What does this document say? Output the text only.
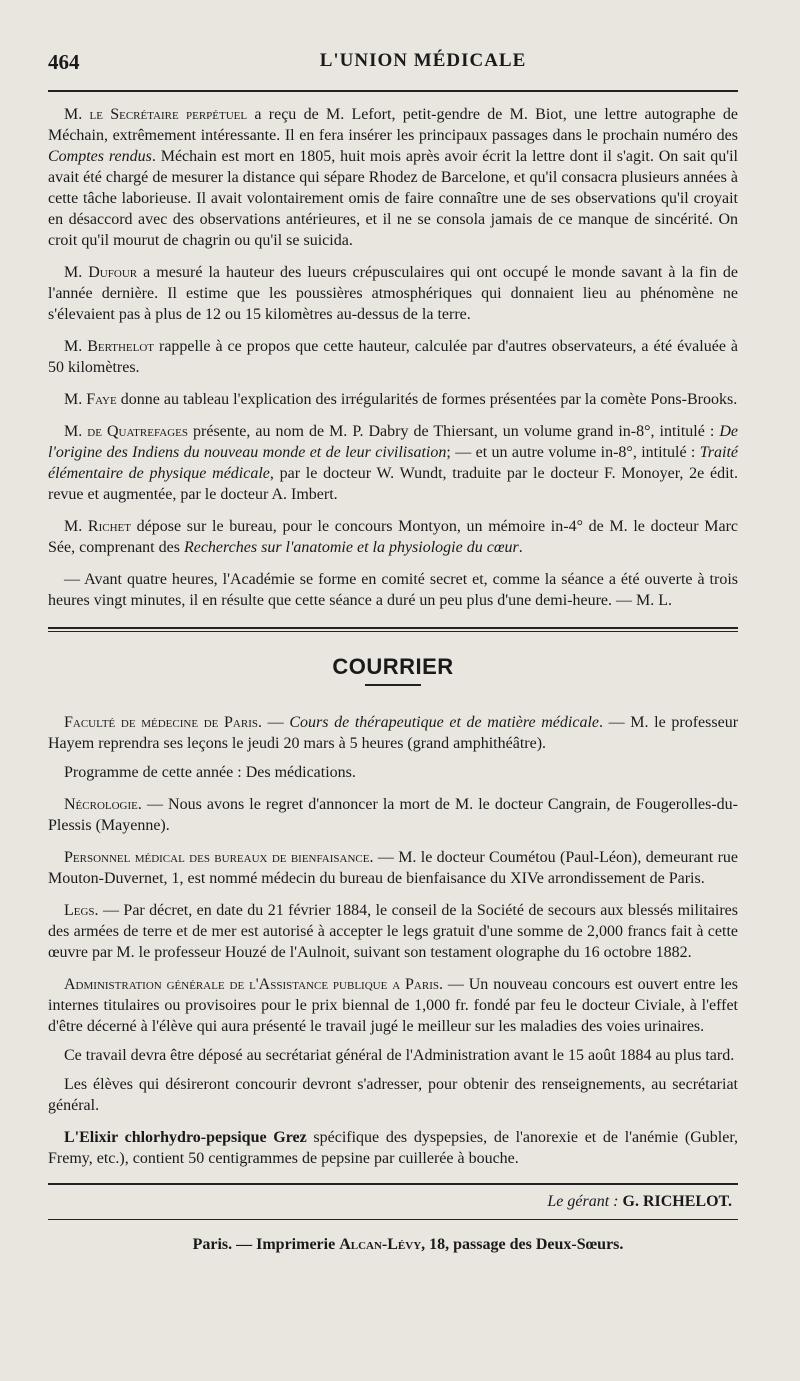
464	L'UNION MÉDICALE

M. le Secrétaire perpétuel a reçu de M. Lefort, petit-gendre de M. Biot, une lettre autographe de Méchain, extrêmement intéressante. Il en fera insérer les principaux passages dans le prochain numéro des Comptes rendus. Méchain est mort en 1805, huit mois après avoir écrit la lettre dont il s'agit. On sait qu'il avait été chargé de mesurer la distance qui sépare Rhodez de Barcelone, et qu'il consacra plusieurs années à cette tâche laborieuse. Il avait volontairement omis de faire connaître une de ses observations qu'il croyait en désaccord avec des observations antérieures, et il ne se consola jamais de ce manque de sincérité. On croit qu'il mourut de chagrin ou qu'il se suicida.

M. Dufour a mesuré la hauteur des lueurs crépusculaires qui ont occupé le monde savant à la fin de l'année dernière. Il estime que les poussières atmosphériques qui donnaient lieu au phénomène ne s'élevaient pas à plus de 12 ou 15 kilomètres au-dessus de la terre.

M. Berthelot rappelle à ce propos que cette hauteur, calculée par d'autres observateurs, a été évaluée à 50 kilomètres.

M. Faye donne au tableau l'explication des irrégularités de formes présentées par la comète Pons-Brooks.

M. de Quatrefages présente, au nom de M. P. Dabry de Thiersant, un volume grand in-8°, intitulé : De l'origine des Indiens du nouveau monde et de leur civilisation; — et un autre volume in-8°, intitulé : Traité élémentaire de physique médicale, par le docteur W. Wundt, traduite par le docteur F. Monoyer, 2e édit. revue et augmentée, par le docteur A. Imbert.

M. Richet dépose sur le bureau, pour le concours Montyon, un mémoire in-4° de M. le docteur Marc Sée, comprenant des Recherches sur l'anatomie et la physiologie du cœur.

— Avant quatre heures, l'Académie se forme en comité secret et, comme la séance a été ouverte à trois heures vingt minutes, il en résulte que cette séance a duré un peu plus d'une demi-heure. — M. L.

COURRIER

Faculté de médecine de Paris. — Cours de thérapeutique et de matière médicale. — M. le professeur Hayem reprendra ses leçons le jeudi 20 mars à 5 heures (grand amphithéâtre).

Programme de cette année : Des médications.

Nécrologie. — Nous avons le regret d'annoncer la mort de M. le docteur Cangrain, de Fougerolles-du-Plessis (Mayenne).

Personnel médical des bureaux de bienfaisance. — M. le docteur Coumétou (Paul-Léon), demeurant rue Mouton-Duvernet, 1, est nommé médecin du bureau de bienfaisance du XIVe arrondissement de Paris.

Legs. — Par décret, en date du 21 février 1884, le conseil de la Société de secours aux blessés militaires des armées de terre et de mer est autorisé à accepter le legs gratuit d'une somme de 2,000 francs fait à cette œuvre par M. le professeur Houzé de l'Aulnoit, suivant son testament olographe du 16 octobre 1882.

Administration générale de l'Assistance publique a Paris. — Un nouveau concours est ouvert entre les internes titulaires ou provisoires pour le prix biennal de 1,000 fr. fondé par feu le docteur Civiale, à l'effet d'être décerné à l'élève qui aura présenté le travail jugé le meilleur sur les maladies des voies urinaires.

Ce travail devra être déposé au secrétariat général de l'Administration avant le 15 août 1884 au plus tard.

Les élèves qui désireront concourir devront s'adresser, pour obtenir des renseignements, au secrétariat général.

L'Elixir chlorhydro-pepsique Grez spécifique des dyspepsies, de l'anorexie et de l'anémie (Gubler, Fremy, etc.), contient 50 centigrammes de pepsine par cuillerée à bouche.

Le gérant : G. RICHELOT.
Paris. — Imprimerie Alcan-Lévy, 18, passage des Deux-Sœurs.
